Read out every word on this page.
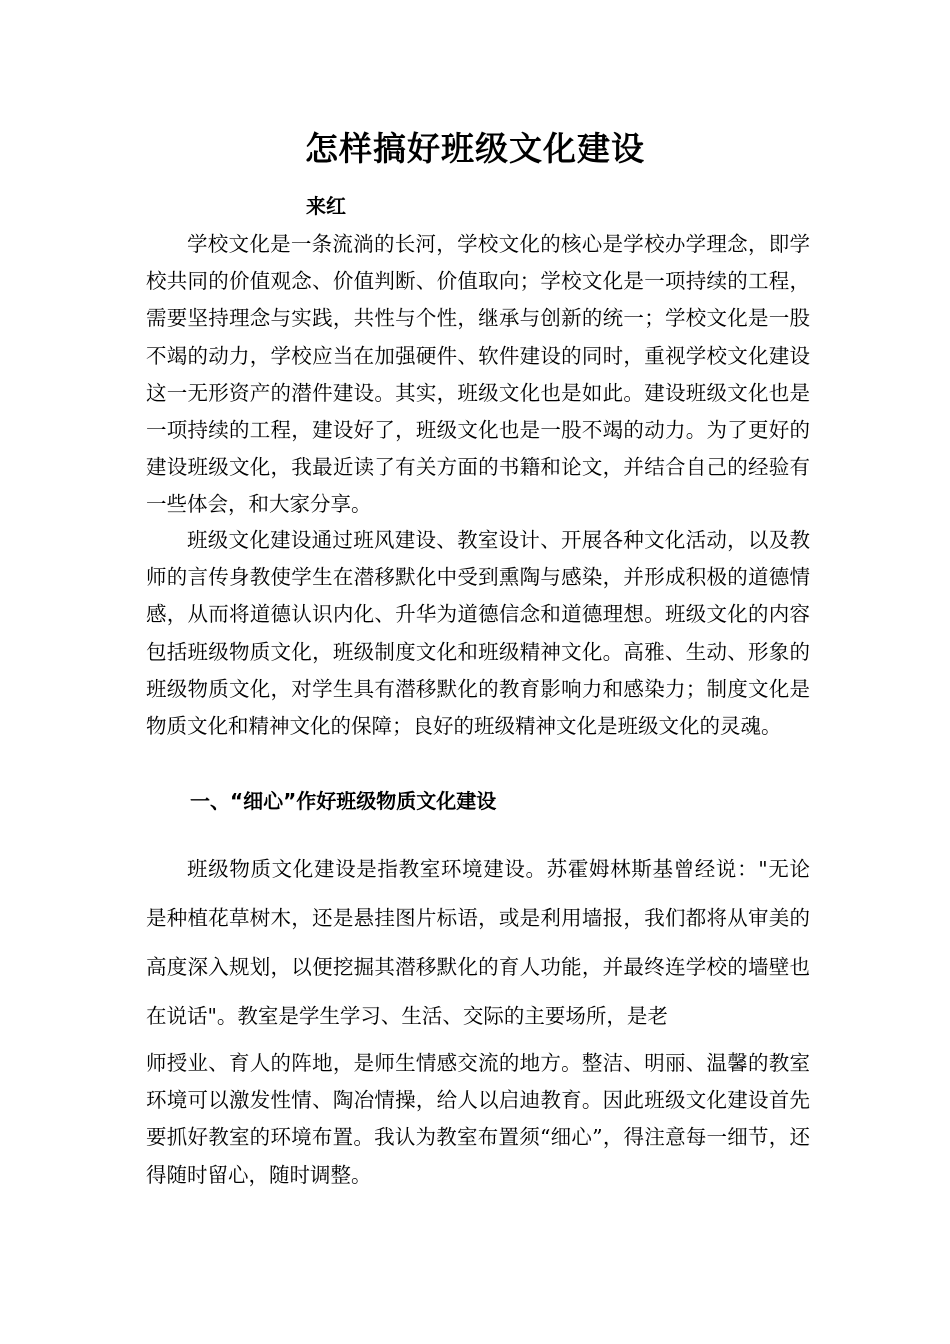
怎样搞好班级文化建设

来红

学校文化是一条流淌的长河，学校文化的核心是学校办学理念，即学校共同的价值观念、价值判断、价值取向；学校文化是一项持续的工程，需要坚持理念与实践，共性与个性，继承与创新的统一；学校文化是一股不竭的动力，学校应当在加强硬件、软件建设的同时，重视学校文化建设这一无形资产的潜件建设。其实，班级文化也是如此。建设班级文化也是一项持续的工程，建设好了，班级文化也是一股不竭的动力。为了更好的建设班级文化，我最近读了有关方面的书籍和论文，并结合自己的经验有一些体会，和大家分享。

班级文化建设通过班风建设、教室设计、开展各种文化活动，以及教师的言传身教使学生在潜移默化中受到熏陶与感染，并形成积极的道德情感，从而将道德认识内化、升华为道德信念和道德理想。班级文化的内容包括班级物质文化，班级制度文化和班级精神文化。高雅、生动、形象的班级物质文化，对学生具有潜移默化的教育影响力和感染力；制度文化是物质文化和精神文化的保障；良好的班级精神文化是班级文化的灵魂。

一、“细心”作好班级物质文化建设

班级物质文化建设是指教室环境建设。苏霍姆林斯基曾经说："无论是种植花草树木，还是悬挂图片标语，或是利用墙报，我们都将从审美的高度深入规划，以便挖掘其潜移默化的育人功能，并最终连学校的墙壁也在说话"。教室是学生学习、生活、交际的主要场所，是老

师授业、育人的阵地，是师生情感交流的地方。整洁、明丽、温馨的教室环境可以激发性情、陶冶情操，给人以启迪教育。因此班级文化建设首先要抓好教室的环境布置。我认为教室布置须“细心”，得注意每一细节，还得随时留心，随时调整。
